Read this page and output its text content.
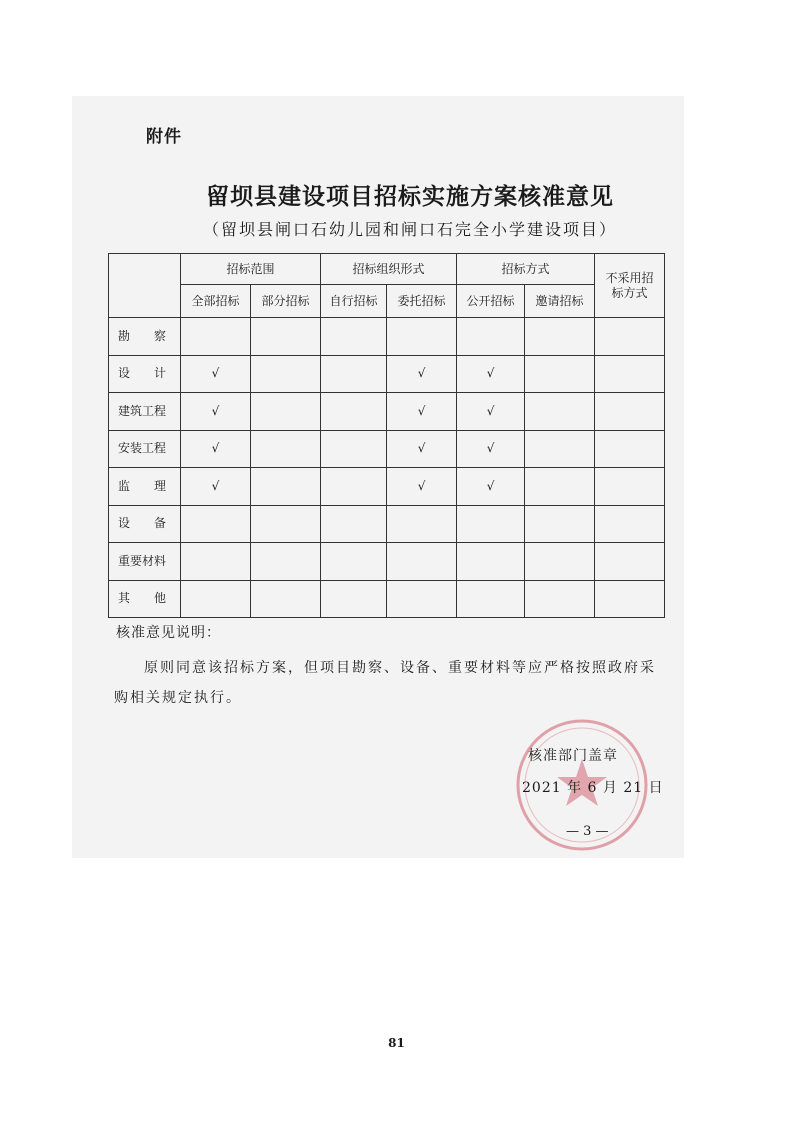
附件
留坝县建设项目招标实施方案核准意见
（留坝县闸口石幼儿园和闸口石完全小学建设项目）
	招标范围		招标组织形式		招标方式		不采用招标方式
	全部招标	部分招标	自行招标	委托招标	公开招标	邀请招标	
勘　　察							
设　　计	√			√	√		
建筑工程	√			√	√		
安装工程	√			√	√		
监　　理	√			√	√		
设　　备							
重要材料							
其　　他							
核准意见说明：
原则同意该招标方案，但项目勘察、设备、重要材料等应严格按照政府采购相关规定执行。
核准部门盖章
2021 年 6 月 21 日
— 3 —
81
